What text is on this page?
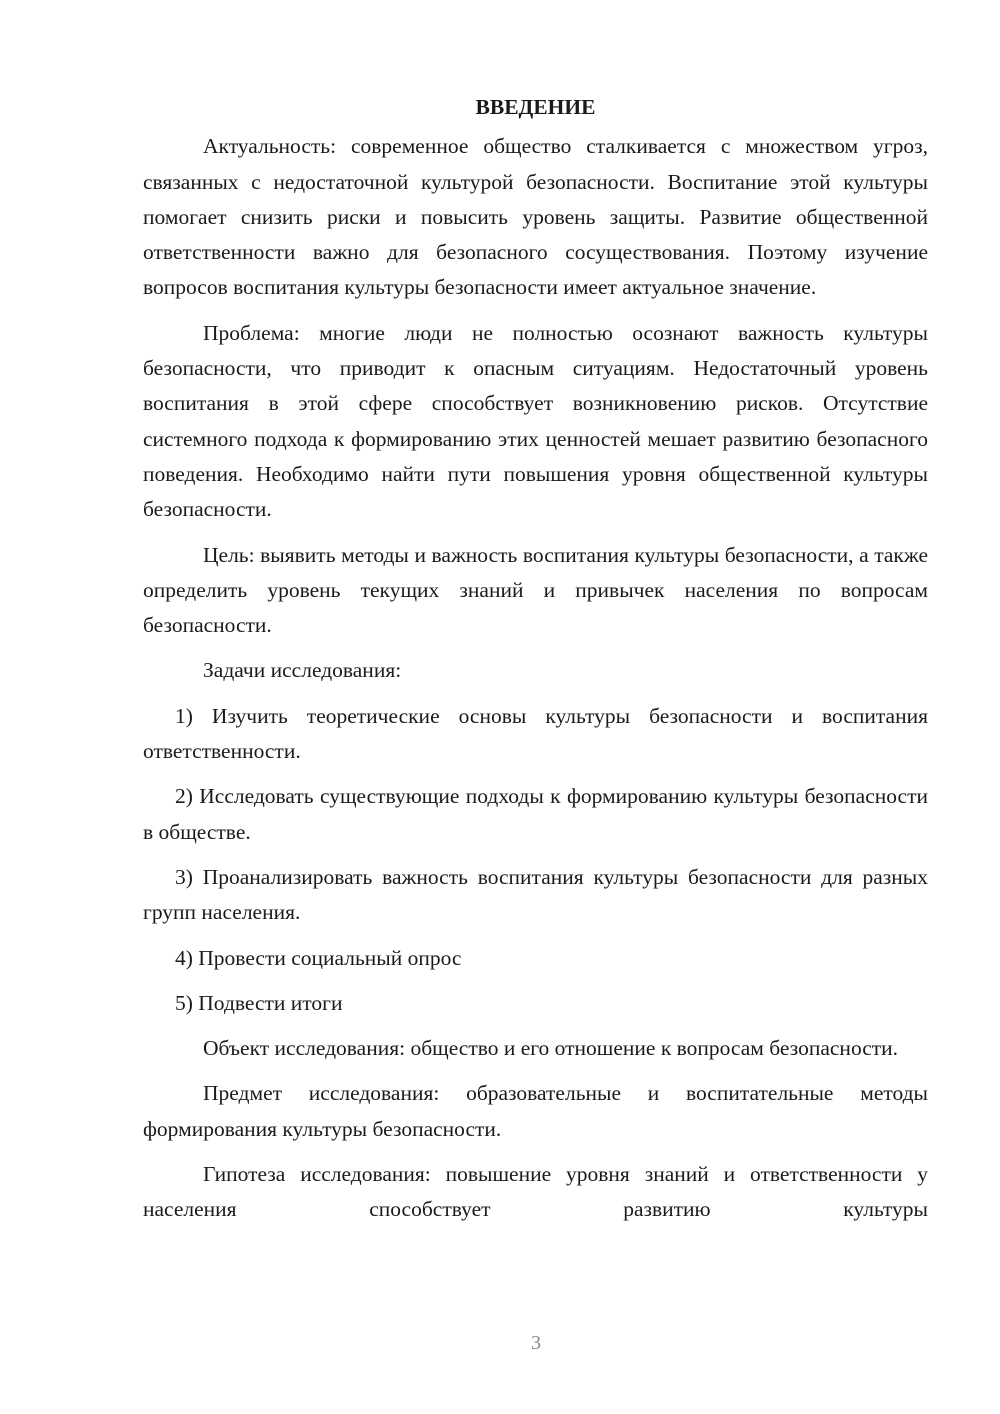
ВВЕДЕНИЕ

Актуальность: современное общество сталкивается с множеством угроз, связанных с недостаточной культурой безопасности. Воспитание этой культуры помогает снизить риски и повысить уровень защиты. Развитие общественной ответственности важно для безопасного сосуществования. Поэтому изучение вопросов воспитания культуры безопасности имеет актуальное значение.

Проблема: многие люди не полностью осознают важность культуры безопасности, что приводит к опасным ситуациям. Недостаточный уровень воспитания в этой сфере способствует возникновению рисков. Отсутствие системного подхода к формированию этих ценностей мешает развитию безопасного поведения. Необходимо найти пути повышения уровня общественной культуры безопасности.

Цель: выявить методы и важность воспитания культуры безопасности, а также определить уровень текущих знаний и привычек населения по вопросам безопасности.

Задачи исследования:

1) Изучить теоретические основы культуры безопасности и воспитания ответственности.

2) Исследовать существующие подходы к формированию культуры безопасности в обществе.

3) Проанализировать важность воспитания культуры безопасности для разных групп населения.

4) Провести социальный опрос

5) Подвести итоги

Объект исследования: общество и его отношение к вопросам безопасности.

Предмет исследования: образовательные и воспитательные методы формирования культуры безопасности.

Гипотеза исследования: повышение уровня знаний и ответственности у населения способствует развитию культуры

3
